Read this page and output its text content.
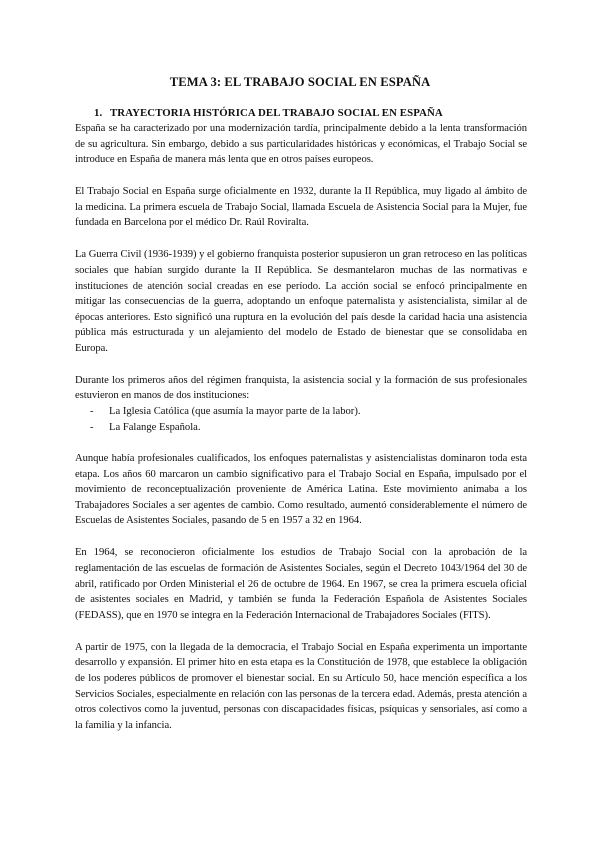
TEMA 3: EL TRABAJO SOCIAL EN ESPAÑA
1. TRAYECTORIA HISTÓRICA DEL TRABAJO SOCIAL EN ESPAÑA

España se ha caracterizado por una modernización tardía, principalmente debido a la lenta transformación de su agricultura. Sin embargo, debido a sus particularidades históricas y económicas, el Trabajo Social se introduce en España de manera más lenta que en otros países europeos.

El Trabajo Social en España surge oficialmente en 1932, durante la II República, muy ligado al ámbito de la medicina. La primera escuela de Trabajo Social, llamada Escuela de Asistencia Social para la Mujer, fue fundada en Barcelona por el médico Dr. Raúl Roviralta.

La Guerra Civil (1936-1939) y el gobierno franquista posterior supusieron un gran retroceso en las políticas sociales que habían surgido durante la II República. Se desmantelaron muchas de las normativas e instituciones de atención social creadas en ese período. La acción social se enfocó principalmente en mitigar las consecuencias de la guerra, adoptando un enfoque paternalista y asistencialista, similar al de épocas anteriores. Esto significó una ruptura en la evolución del país desde la caridad hacia una asistencia pública más estructurada y un alejamiento del modelo de Estado de bienestar que se consolidaba en Europa.

Durante los primeros años del régimen franquista, la asistencia social y la formación de sus profesionales estuvieron en manos de dos instituciones:

- La Iglesia Católica (que asumía la mayor parte de la labor).
- La Falange Española.

Aunque había profesionales cualificados, los enfoques paternalistas y asistencialistas dominaron toda esta etapa. Los años 60 marcaron un cambio significativo para el Trabajo Social en España, impulsado por el movimiento de reconceptualización proveniente de América Latina. Este movimiento animaba a los Trabajadores Sociales a ser agentes de cambio. Como resultado, aumentó considerablemente el número de Escuelas de Asistentes Sociales, pasando de 5 en 1957 a 32 en 1964.

En 1964, se reconocieron oficialmente los estudios de Trabajo Social con la aprobación de la reglamentación de las escuelas de formación de Asistentes Sociales, según el Decreto 1043/1964 del 30 de abril, ratificado por Orden Ministerial el 26 de octubre de 1964. En 1967, se crea la primera escuela oficial de asistentes sociales en Madrid, y también se funda la Federación Española de Asistentes Sociales (FEDASS), que en 1970 se integra en la Federación Internacional de Trabajadores Sociales (FITS).

A partir de 1975, con la llegada de la democracia, el Trabajo Social en España experimenta un importante desarrollo y expansión. El primer hito en esta etapa es la Constitución de 1978, que establece la obligación de los poderes públicos de promover el bienestar social. En su Artículo 50, hace mención específica a los Servicios Sociales, especialmente en relación con las personas de la tercera edad. Además, presta atención a otros colectivos como la juventud, personas con discapacidades físicas, psíquicas y sensoriales, así como a la familia y la infancia.
